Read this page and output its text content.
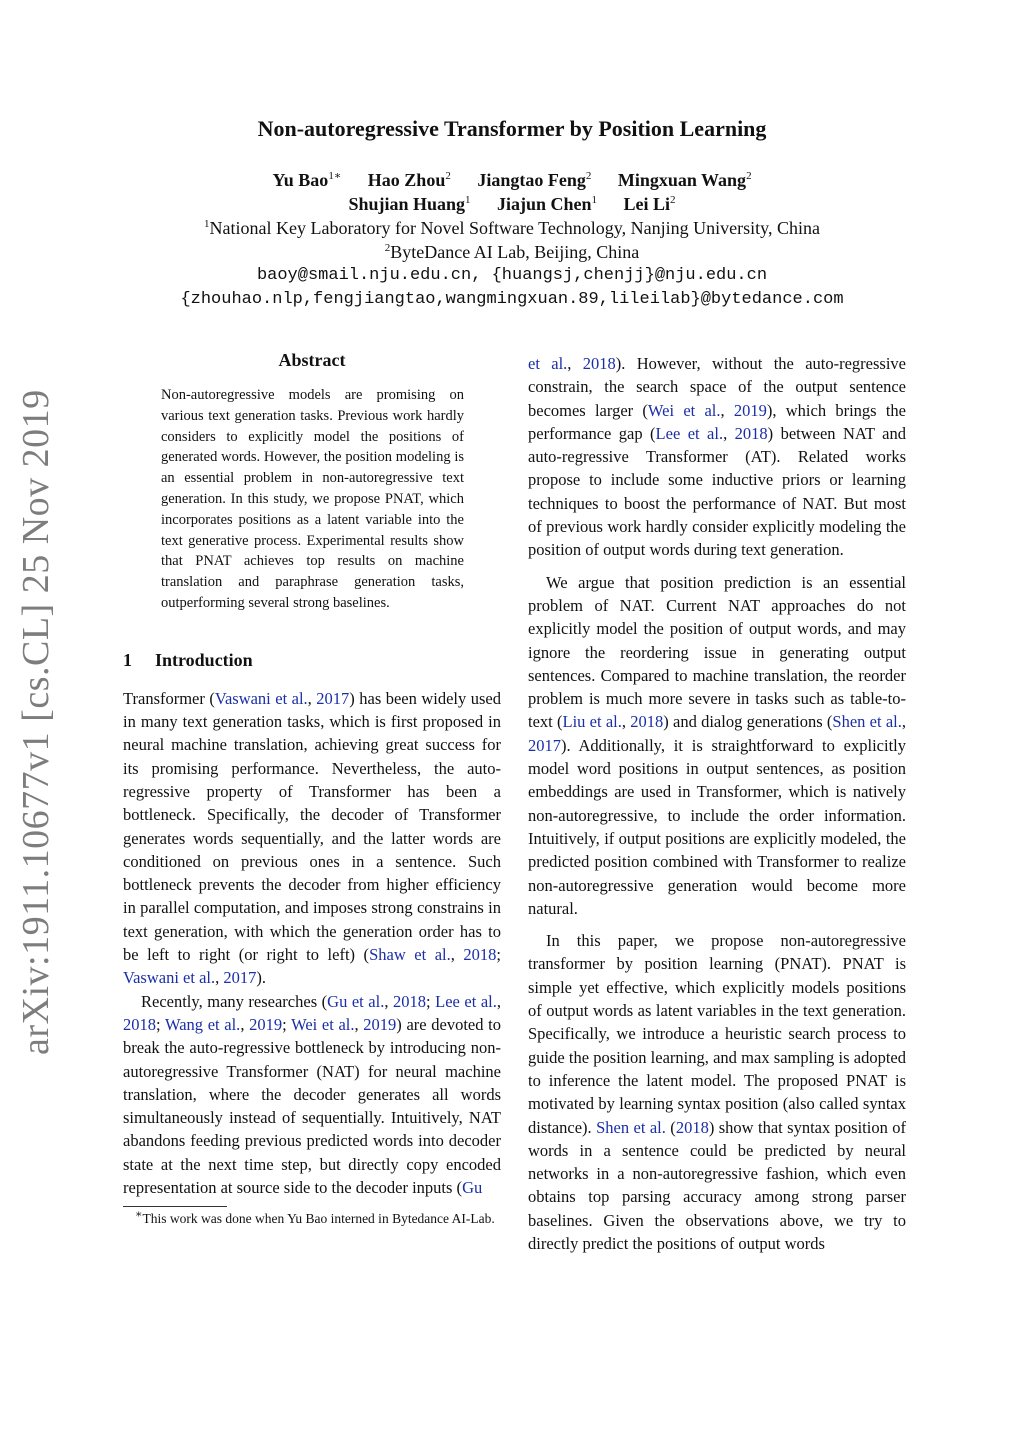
arXiv:1911.10677v1 [cs.CL] 25 Nov 2019
Non-autoregressive Transformer by Position Learning
Yu Bao$^{1∗}$ Hao Zhou$^2$ Jiangtao Feng$^2$ Mingxuan Wang$^2$
Shujian Huang$^1$ Jiajun Chen$^1$ Lei Li$^2$
$^1$National Key Laboratory for Novel Software Technology, Nanjing University, China
$^2$ByteDance AI Lab, Beijing, China
baoy@smail.nju.edu.cn, {huangsj,chenjj}@nju.edu.cn
{zhouhao.nlp,fengjiangtao,wangmingxuan.89,lileilab}@bytedance.com
Abstract
Non-autoregressive models are promising on various text generation tasks. Previous work hardly considers to explicitly model the positions of generated words. However, the position modeling is an essential problem in non-autoregressive text generation. In this study, we propose PNAT, which incorporates positions as a latent variable into the text generative process. Experimental results show that PNAT achieves top results on machine translation and paraphrase generation tasks, outperforming several strong baselines.
1 Introduction

Transformer (Vaswani et al., 2017) has been widely used in many text generation tasks, which is first proposed in neural machine translation, achieving great success for its promising performance. Nevertheless, the auto-regressive property of Transformer has been a bottleneck. Specifically, the decoder of Transformer generates words sequentially, and the latter words are conditioned on previous ones in a sentence. Such bottleneck prevents the decoder from higher efficiency in parallel computation, and imposes strong constrains in text generation, with which the generation order has to be left to right (or right to left) (Shaw et al., 2018; Vaswani et al., 2017).

Recently, many researches (Gu et al., 2018; Lee et al., 2018; Wang et al., 2019; Wei et al., 2019) are devoted to break the auto-regressive bottleneck by introducing non-autoregressive Transformer (NAT) for neural machine translation, where the decoder generates all words simultaneously instead of sequentially. Intuitively, NAT abandons feeding previous predicted words into decoder state at the next time step, but directly copy encoded representation at source side to the decoder inputs (Gu

∗This work was done when Yu Bao interned in Bytedance AI-Lab.

et al., 2018). However, without the auto-regressive constrain, the search space of the output sentence becomes larger (Wei et al., 2019), which brings the performance gap (Lee et al., 2018) between NAT and auto-regressive Transformer (AT). Related works propose to include some inductive priors or learning techniques to boost the performance of NAT. But most of previous work hardly consider explicitly modeling the position of output words during text generation.

We argue that position prediction is an essential problem of NAT. Current NAT approaches do not explicitly model the position of output words, and may ignore the reordering issue in generating output sentences. Compared to machine translation, the reorder problem is much more severe in tasks such as table-to-text (Liu et al., 2018) and dialog generations (Shen et al., 2017). Additionally, it is straightforward to explicitly model word positions in output sentences, as position embeddings are used in Transformer, which is natively non-autoregressive, to include the order information. Intuitively, if output positions are explicitly modeled, the predicted position combined with Transformer to realize non-autoregressive generation would become more natural.

In this paper, we propose non-autoregressive transformer by position learning (PNAT). PNAT is simple yet effective, which explicitly models positions of output words as latent variables in the text generation. Specifically, we introduce a heuristic search process to guide the position learning, and max sampling is adopted to inference the latent model. The proposed PNAT is motivated by learning syntax position (also called syntax distance). Shen et al. (2018) show that syntax position of words in a sentence could be predicted by neural networks in a non-autoregressive fashion, which even obtains top parsing accuracy among strong parser baselines. Given the observations above, we try to directly predict the positions of output words
